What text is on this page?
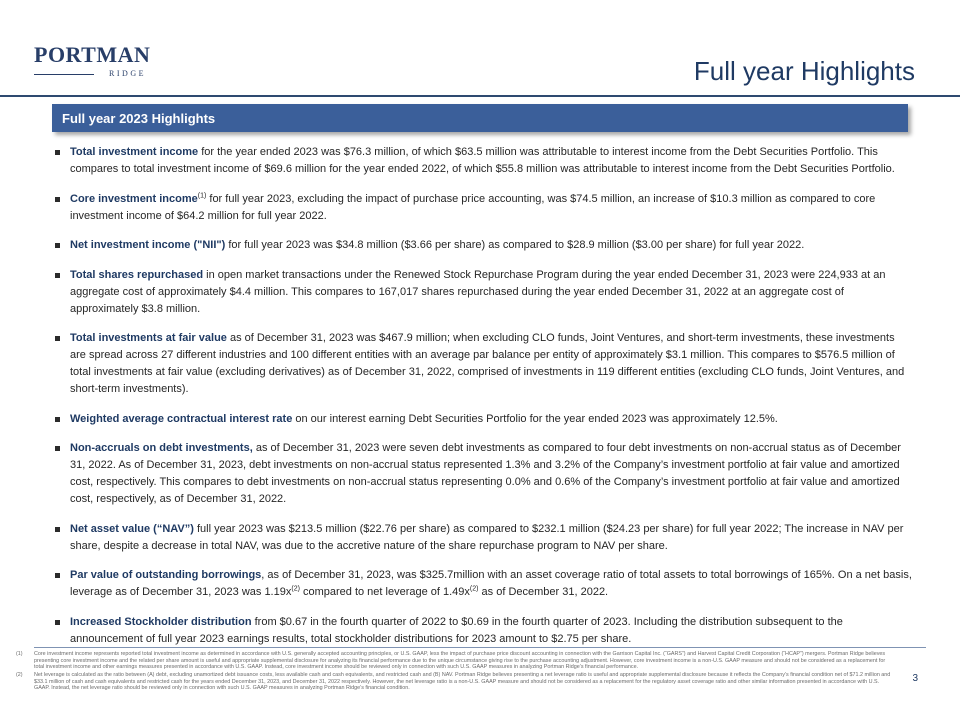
PORTMAN
RIDGE	Full year Highlights
Full year 2023 Highlights
Total investment income for the year ended 2023 was $76.3 million, of which $63.5 million was attributable to interest income from the Debt Securities Portfolio. This compares to total investment income of $69.6 million for the year ended 2022, of which $55.8 million was attributable to interest income from the Debt Securities Portfolio.
Core investment income$^{(1)}$ for full year 2023, excluding the impact of purchase price accounting, was $74.5 million, an increase of $10.3 million as compared to core investment income of $64.2 million for full year 2022.
Net investment income ("NII") for full year 2023 was $34.8 million ($3.66 per share) as compared to $28.9 million ($3.00 per share) for full year 2022.
Total shares repurchased in open market transactions under the Renewed Stock Repurchase Program during the year ended December 31, 2023 were 224,933 at an aggregate cost of approximately $4.4 million. This compares to 167,017 shares repurchased during the year ended December 31, 2022 at an aggregate cost of approximately $3.8 million.
Total investments at fair value as of December 31, 2023 was $467.9 million; when excluding CLO funds, Joint Ventures, and short-term investments, these investments are spread across 27 different industries and 100 different entities with an average par balance per entity of approximately $3.1 million. This compares to $576.5 million of total investments at fair value (excluding derivatives) as of December 31, 2022, comprised of investments in 119 different entities (excluding CLO funds, Joint Ventures, and short-term investments).
Weighted average contractual interest rate on our interest earning Debt Securities Portfolio for the year ended 2023 was approximately 12.5%.
Non-accruals on debt investments, as of December 31, 2023 were seven debt investments as compared to four debt investments on non-accrual status as of December 31, 2022. As of December 31, 2023, debt investments on non-accrual status represented 1.3% and 3.2% of the Company’s investment portfolio at fair value and amortized cost, respectively. This compares to debt investments on non-accrual status representing 0.0% and 0.6% of the Company’s investment portfolio at fair value and amortized cost, respectively, as of December 31, 2022.
Net asset value (“NAV”) full year 2023 was $213.5 million ($22.76 per share) as compared to $232.1 million ($24.23 per share) for full year 2022; The increase in NAV per share, despite a decrease in total NAV, was due to the accretive nature of the share repurchase program to NAV per share.
Par value of outstanding borrowings, as of December 31, 2023, was $325.7million with an asset coverage ratio of total assets to total borrowings of 165%. On a net basis, leverage as of December 31, 2023 was $1.19x^{(2)}$ compared to net leverage of $1.49x^{(2)}$ as of December 31, 2022.
Increased Stockholder distribution from $0.67 in the fourth quarter of 2022 to $0.69 in the fourth quarter of 2023. Including the distribution subsequent to the announcement of full year 2023 earnings results, total stockholder distributions for 2023 amount to $2.75 per share.
(1)	Core investment income represents reported total investment income as determined in accordance with U.S. generally accepted accounting principles, or U.S. GAAP, less the impact of purchase price discount accounting in connection with the Garrison Capital Inc. (“GARS”) and Harvest Capital Credit Corporation (“HCAP”) mergers. Portman Ridge believes presenting core investment income and the related per share amount is useful and appropriate supplemental disclosure for analyzing its financial performance due to the unique circumstance giving rise to the purchase accounting adjustment. However, core investment income is a non-U.S. GAAP measure and should not be considered as a replacement for total investment income and other earnings measures presented in accordance with U.S. GAAP. Instead, core investment income should be reviewed only in connection with such U.S. GAAP measures in analyzing Portman Ridge’s financial performance.
(2)	Net leverage is calculated as the ratio between (A) debt, excluding unamortized debt issuance costs, less available cash and cash equivalents, and restricted cash and (B) NAV. Portman Ridge believes presenting a net leverage ratio is useful and appropriate supplemental disclosure because it reflects the Company’s financial condition net of $71.2 million and $33.1 million of cash and cash equivalents and restricted cash for the years ended December 31, 2023, and December 31, 2022 respectively. However, the net leverage ratio is a non-U.S. GAAP measure and should not be considered as a replacement for the regulatory asset coverage ratio and other similar information presented in accordance with U.S. GAAP. Instead, the net leverage ratio should be reviewed only in connection with such U.S. GAAP measures in analyzing Portman Ridge’s financial condition.
3
